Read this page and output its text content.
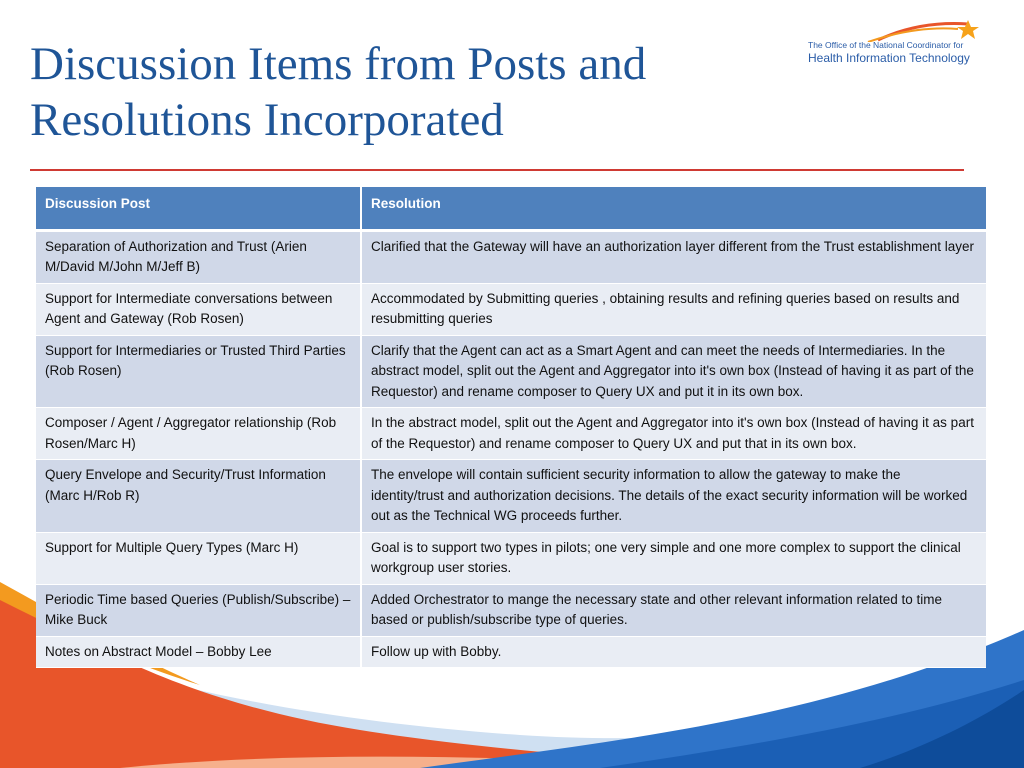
Discussion Items from Posts and
Resolutions Incorporated
The Office of the National Coordinator for
Health Information Technology
Discussion Post	Resolution
Separation of Authorization and Trust (Arien M/David M/John M/Jeff B)	Clarified that the Gateway will have an authorization layer different from the Trust establishment layer
Support for Intermediate conversations between Agent and Gateway (Rob Rosen)	Accommodated by Submitting queries , obtaining results and refining queries based on results and resubmitting queries
Support for Intermediaries or Trusted Third Parties (Rob Rosen)	Clarify that the Agent can act as a Smart Agent and can meet the needs of Intermediaries. In the abstract model, split out the Agent and Aggregator into it's own box (Instead of having it as part of the Requestor) and rename composer to Query UX and put it in its own box.
Composer / Agent / Aggregator relationship (Rob Rosen/Marc H)	In the abstract model, split out the Agent and Aggregator into it's own box (Instead of having it as part of the Requestor) and rename composer to Query UX and put that in its own box.
Query Envelope and Security/Trust Information (Marc H/Rob R)	The envelope will contain sufficient security information to allow the gateway to make the identity/trust and authorization decisions. The details of the exact security information will be worked out as the Technical WG proceeds further.
Support for Multiple Query Types (Marc H)	Goal is to support two types in pilots; one very simple and one more complex to support the clinical workgroup user stories.
Periodic Time based Queries (Publish/Subscribe) – Mike Buck	Added Orchestrator to mange the necessary state and other relevant information related to time based or publish/subscribe type of queries.
Notes on Abstract Model – Bobby Lee	Follow up with Bobby.
